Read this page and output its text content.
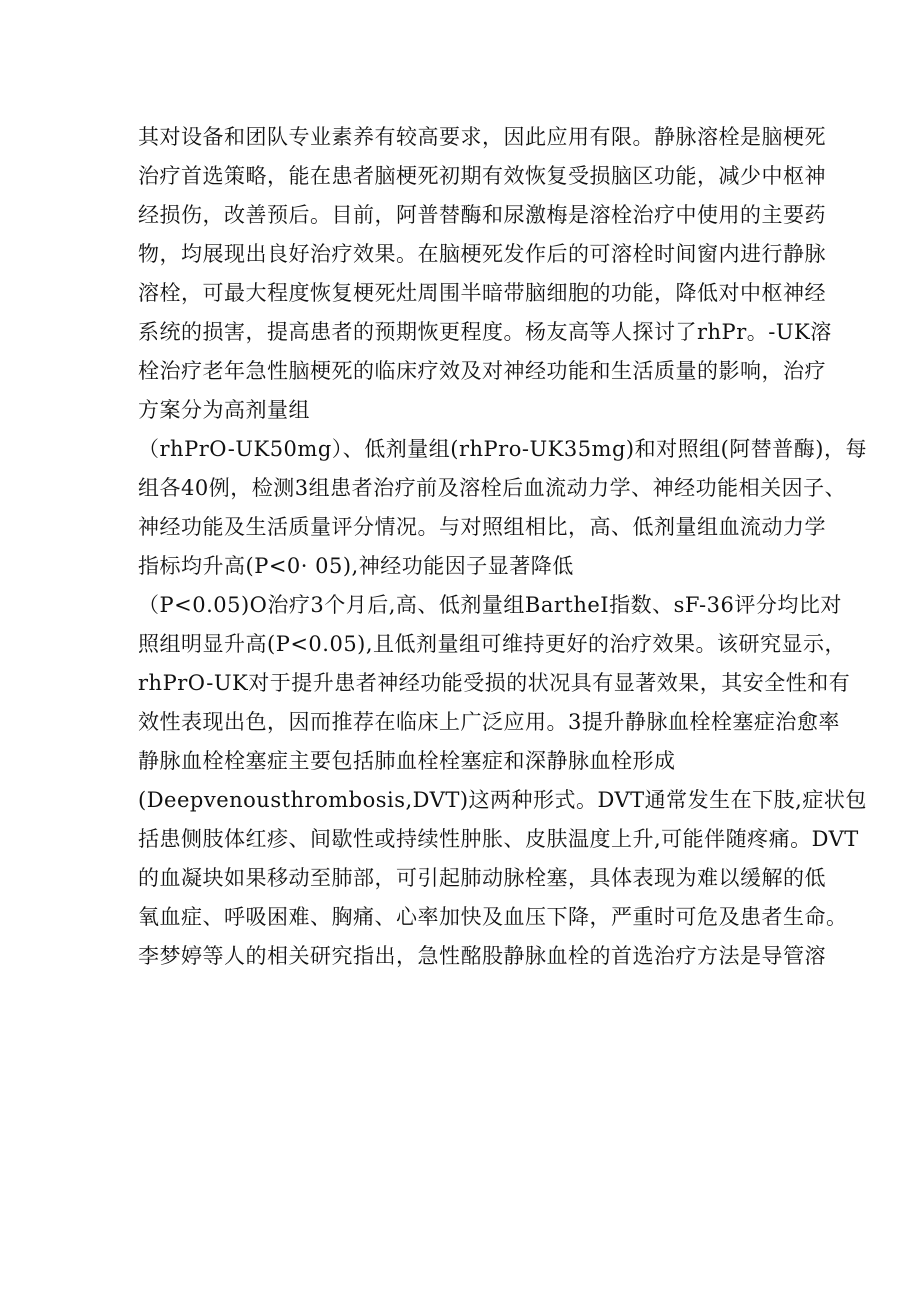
其对设备和团队专业素养有较高要求，因此应用有限。静脉溶栓是脑梗死
治疗首选策略，能在患者脑梗死初期有效恢复受损脑区功能，减少中枢神
经损伤，改善预后。目前，阿普替酶和尿激梅是溶栓治疗中使用的主要药
物，均展现出良好治疗效果。在脑梗死发作后的可溶栓时间窗内进行静脉
溶栓，可最大程度恢复梗死灶周围半暗带脑细胞的功能，降低对中枢神经
系统的损害，提高患者的预期恢更程度。杨友高等人探讨了rhPr。-UK溶
栓治疗老年急性脑梗死的临床疗效及对神经功能和生活质量的影响，治疗
方案分为高剂量组
（rhPrO-UK50mg）、低剂量组(rhPro-UK35mg)和对照组(阿替普酶)，每
组各40例，检测3组患者治疗前及溶栓后血流动力学、神经功能相关因子、
神经功能及生活质量评分情况。与对照组相比，高、低剂量组血流动力学
指标均升高(P<0· 05),神经功能因子显著降低
（P<0.05)O治疗3个月后,高、低剂量组BartheI指数、sF-36评分均比对
照组明显升高(P<0.05),且低剂量组可维持更好的治疗效果。该研究显示，
rhPrO-UK对于提升患者神经功能受损的状况具有显著效果，其安全性和有
效性表现出色，因而推荐在临床上广泛应用。3提升静脉血栓栓塞症治愈率
静脉血栓栓塞症主要包括肺血栓栓塞症和深静脉血栓形成
(Deepvenousthrombosis,DVT)这两种形式。DVT通常发生在下肢,症状包
括患侧肢体红疹、间歇性或持续性肿胀、皮肤温度上升,可能伴随疼痛。DVT
的血凝块如果移动至肺部，可引起肺动脉栓塞，具体表现为难以缓解的低
氧血症、呼吸困难、胸痛、心率加快及血压下降，严重时可危及患者生命。
李梦婷等人的相关研究指出，急性酩股静脉血栓的首选治疗方法是导管溶
